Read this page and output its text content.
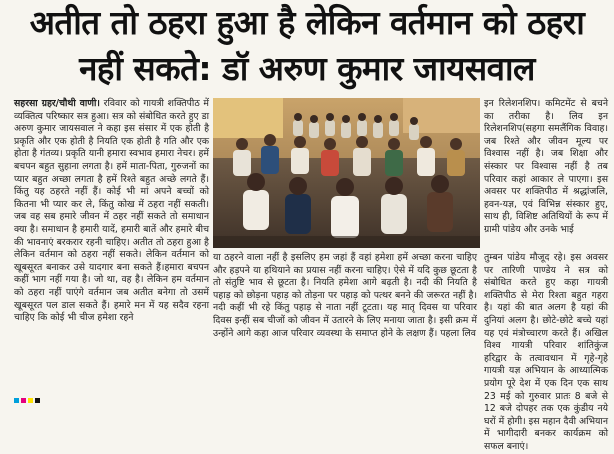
अतीत तो ठहरा हुआ है लेकिन वर्तमान को ठहरा
नहीं सकते: डॉ अरुण कुमार जायसवाल

सहरसा ग्रहर/चौथी वाणी। रविवार को गायत्री शक्तिपीठ में व्यक्तित्व परिष्कार सत्र हुआ। सत्र को संबोधित करते हुए डा अरुण कुमार जायसवाल ने कहा इस संसार में एक होती है प्रकृति और एक होती है नियति एक होती है गति और एक होता है गंतव्य। प्रकृति यानी हमारा स्वभाव हमारा नेचर। हमें बचपन बहुत सुहाना लगता है। हमें माता-पिता, गुरुजनों का प्यार बहुत अच्छा लगता है हमें रिश्ते बहुत अच्छे लगते हैं। किंतु यह ठहरते नहीं हैं। कोई भी मां अपने बच्चों को कितना भी प्यार कर ले, किंतु कोख में ठहरा नहीं सकती। जब वह सब हमारे जीवन में ठहर नहीं सकते तो समाधान क्या है। समाधान है हमारी यादें, हमारी बातें और हमारे बीच की भावनाएं बरकरार रहनी चाहिए। अतीत तो ठहरा हुआ है लेकिन वर्तमान को ठहरा नहीं सकते। लेकिन वर्तमान को खूबसूरत बनाकर उसे यादगार बना सकते हैं।हमारा बचपन कहीं भाग नहीं गया है। जो था, वह है। लेकिन हम वर्तमान को ठहरा नहीं पाएंगे वर्तमान जब अतीत बनेगा तो उसमें खूबसूरत पल डाल सकते हैं। हमारे मन में यह सदैव रहना चाहिए कि कोई भी चीज हमेशा रहने

या ठहरने वाला नहीं है इसलिए हम जहां हैं वहां हमेशा हमें अच्छा करना चाहिए और हड़पने या हथियाने का प्रयास नहीं करना चाहिए। ऐसे में यदि कुछ छूटता है तो संतुष्टि भाव से छूटता है। नियति हमेशा आगे बढ़ती है। नदी की नियति है पहाड़ को छोड़ना पहाड़ को तोड़ना पर पहाड़ को पत्थर बनने की जरूरत नहीं है। नदी कहीं भी रहे किंतु पहाड़ से नाता नहीं टूटता। यह मातृ दिवस या परिवार दिवस इन्हीं सब चीजों को जीवन में उतारने के लिए मनाया जाता है। इसी क्रम में उन्होंने आगे कहा आज परिवार व्यवस्था के समाप्त होने के लक्षण हैं। पहला लिव

इन रिलेशनशिप। कमिटमेंट से बचने का तरीका है। लिव इन रिलेशनशिप(सहगा समलैंगिक विवाह। जब रिश्ते और जीवन मूल्य पर विश्वास नहीं है। जब शिक्षा और संस्कार पर विश्वास नहीं है तब परिवार कहां आकार ले पाएगा। इस अवसर पर शक्तिपीठ में श्रद्धांजलि, हवन-यज्ञ, एवं विभिन्न संस्कार हुए, साथ ही, विशिष्ट अतिथियों के रूप में ग्रामी पांडेय और उनके भाई

तुम्बन पांडेय मौजूद रहे। इस अवसर पर तारिणी पाण्डेय ने सत्र को संबोधित करते हुए कहा गायत्री शक्तिपीठ से मेरा रिश्ता बहुत गहरा है। यहां की बात अलग है यहां की दुनियां अलग है। छोटे-छोटे बच्चे यहां यह एवं मंत्रोच्चारण करते हैं। अखिल विश्व गायत्री परिवार शांतिकुंज हरिद्वार के तत्वावधान में गृहे-गृहे गायत्री यज्ञ अभियान के आध्यात्मिक प्रयोग पूरे देश में एक दिन एक साथ 23 मई को गुरुवार प्रातः 8 बजे से 12 बजे दोपहर तक एक कुंडीय नये घरों में होगी। इस महान दैवी अभियान में भागीदारी बनकर कार्यक्रम को सफल बनाएं।
